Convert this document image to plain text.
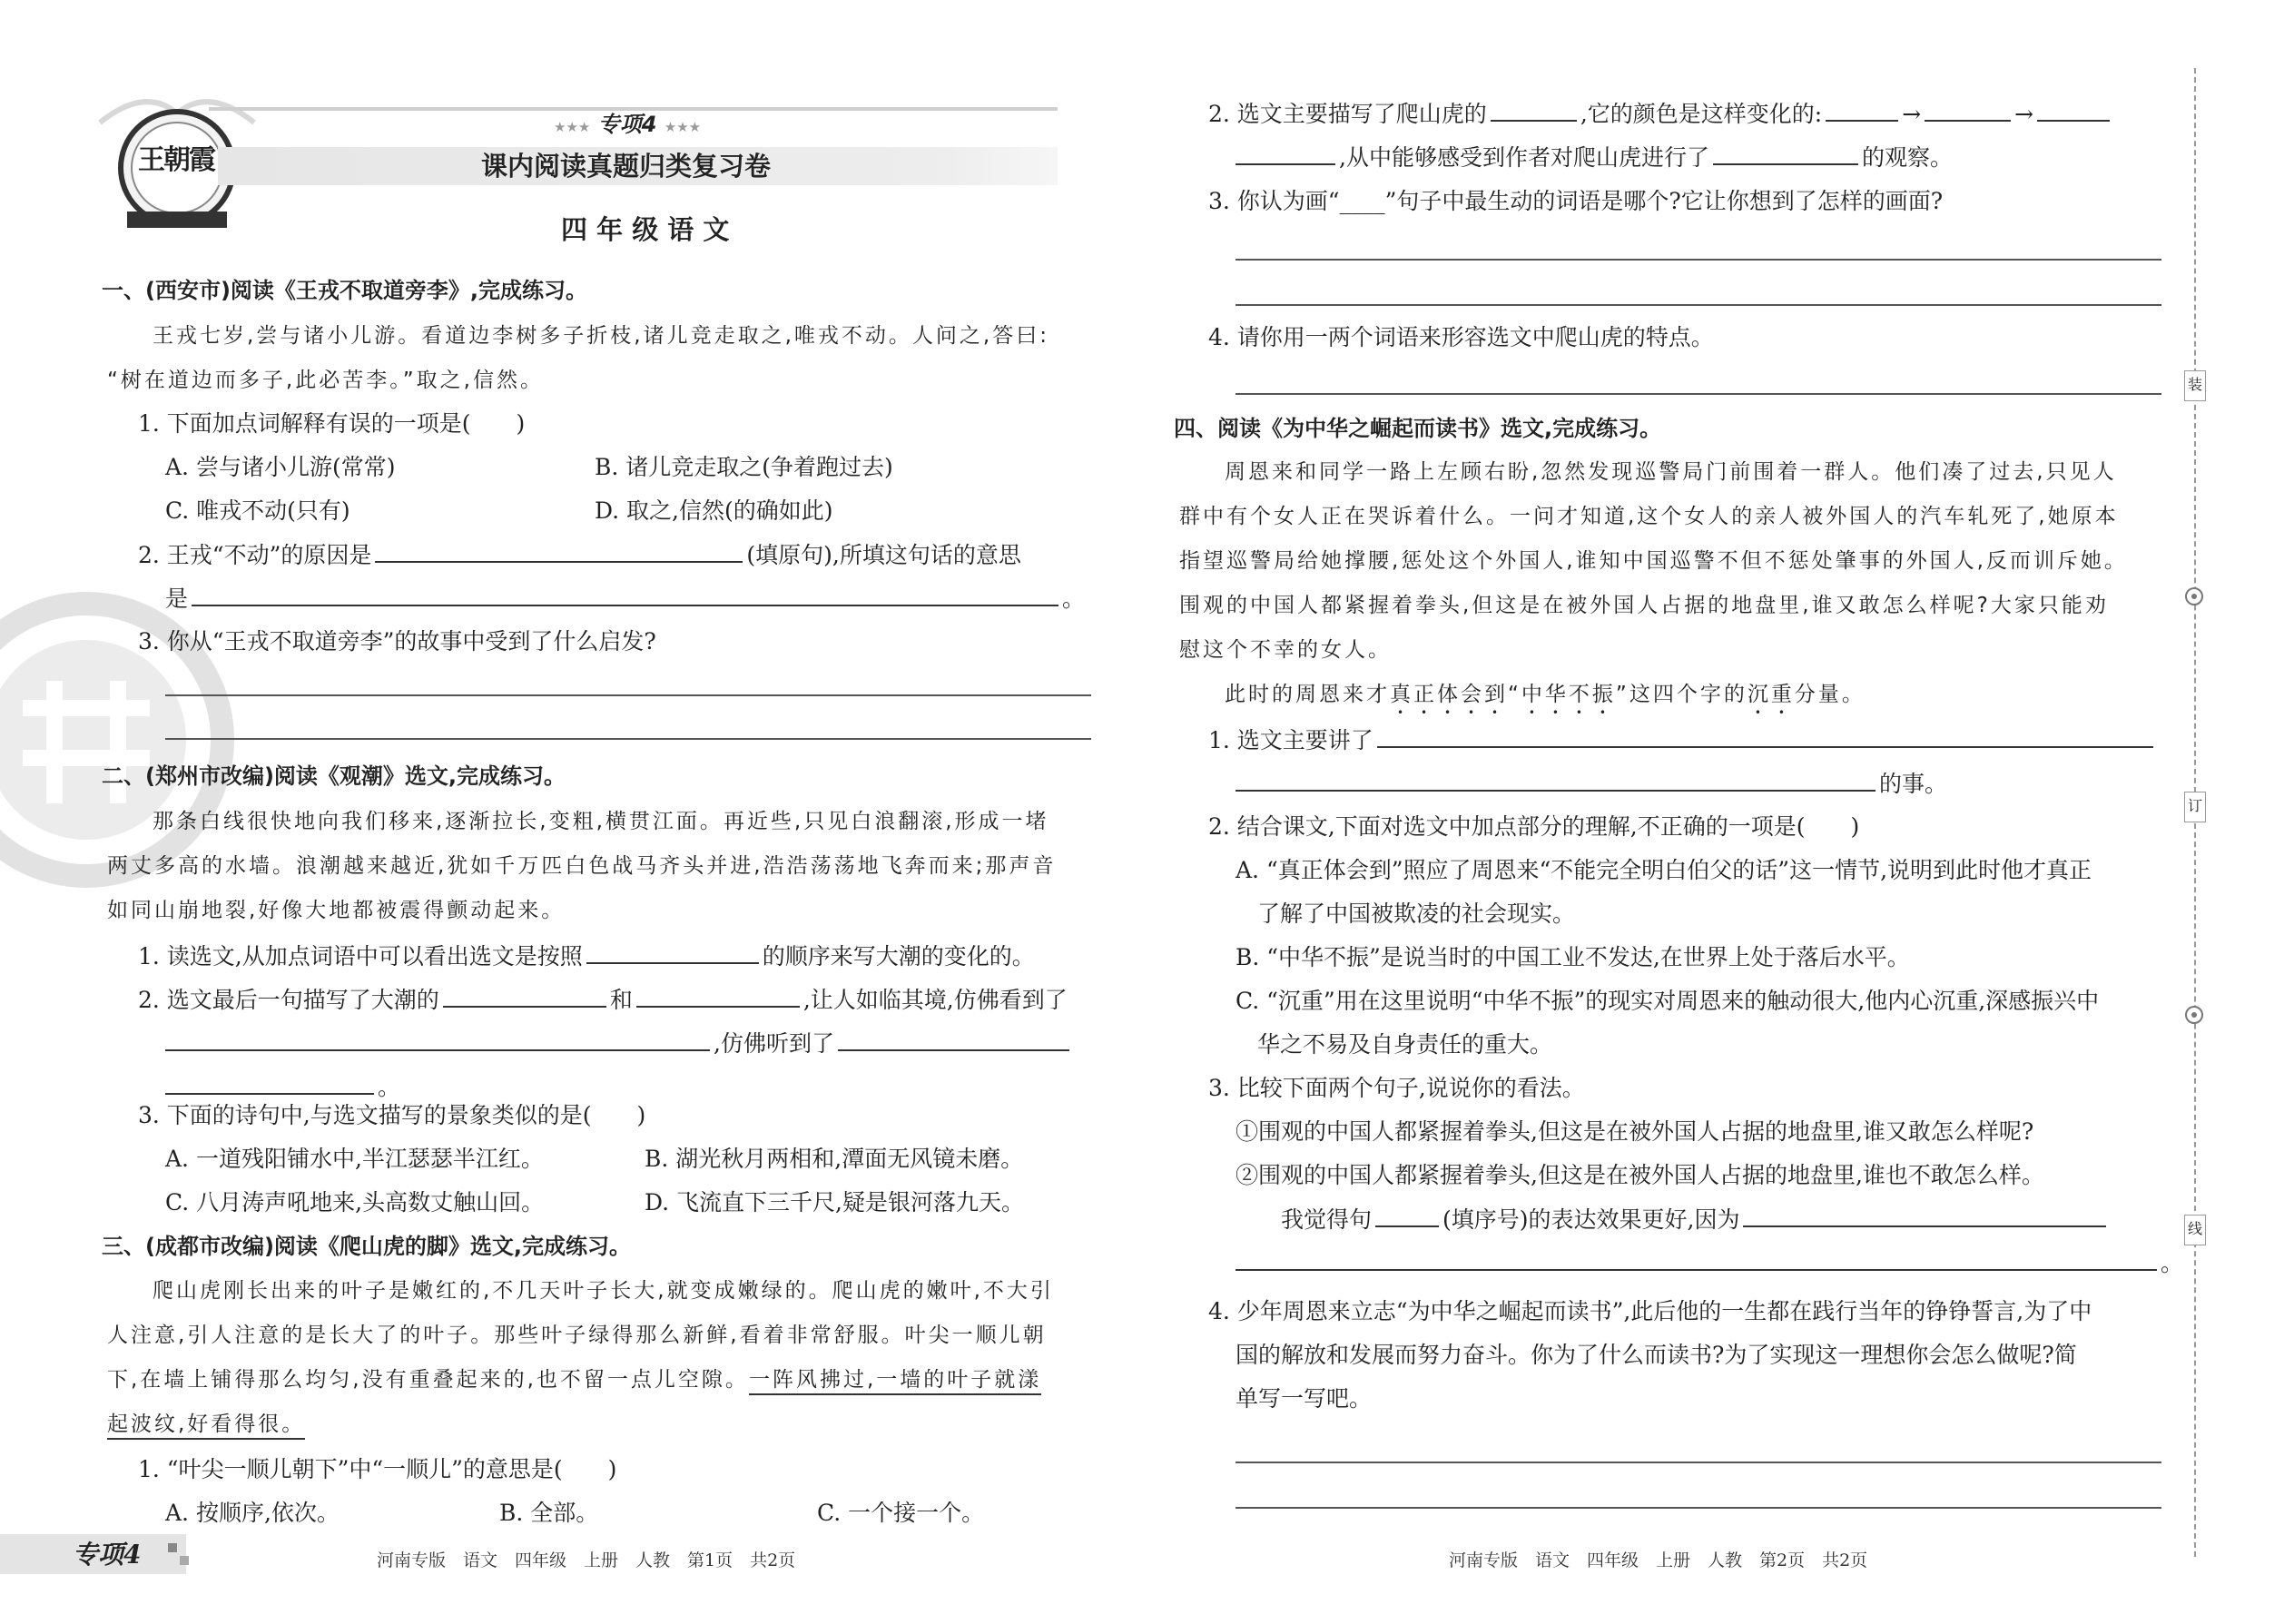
王朝霞
★★★ 专项4 ★★★
课内阅读真题归类复习卷
四 年 级 语 文
一、(西安市)阅读《王戎不取道旁李》,完成练习。
王戎七岁,尝与诸小儿游。看道边李树多子折枝,诸儿竞走取之,唯戎不动。人问之,答曰:
“树在道边而多子,此必苦李。”取之,信然。
1. 下面加点词解释有误的一项是(　　)
A. 尝与诸小儿游(常常)	B. 诸儿竞走取之(争着跑过去)
C. 唯戎不动(只有)	D. 取之,信然(的确如此)
2. 王戎“不动”的原因是	(填原句),所填这句话的意思
是	。
3. 你从“王戎不取道旁李”的故事中受到了什么启发?
二、(郑州市改编)阅读《观潮》选文,完成练习。
那条白线很快地向我们移来,逐渐拉长,变粗,横贯江面。再近些,只见白浪翻滚,形成一堵
两丈多高的水墙。浪潮越来越近,犹如千万匹白色战马齐头并进,浩浩荡荡地飞奔而来;那声音
如同山崩地裂,好像大地都被震得颤动起来。
1. 读选文,从加点词语中可以看出选文是按照	的顺序来写大潮的变化的。
2. 选文最后一句描写了大潮的	和	,让人如临其境,仿佛看到了
,仿佛听到了
。
3. 下面的诗句中,与选文描写的景象类似的是(　　)
A. 一道残阳铺水中,半江瑟瑟半江红。	B. 湖光秋月两相和,潭面无风镜未磨。
C. 八月涛声吼地来,头高数丈触山回。	D. 飞流直下三千尺,疑是银河落九天。
三、(成都市改编)阅读《爬山虎的脚》选文,完成练习。
爬山虎刚长出来的叶子是嫩红的,不几天叶子长大,就变成嫩绿的。爬山虎的嫩叶,不大引
人注意,引人注意的是长大了的叶子。那些叶子绿得那么新鲜,看着非常舒服。叶尖一顺儿朝
下,在墙上铺得那么均匀,没有重叠起来的,也不留一点儿空隙。一阵风拂过,一墙的叶子就漾
起波纹,好看得很。
1. “叶尖一顺儿朝下”中“一顺儿”的意思是(　　)
A. 按顺序,依次。	B. 全部。	C. 一个接一个。
专项4	河南专版　语文　四年级　上册　人教　第1页　共2页
2. 选文主要描写了爬山虎的	,它的颜色是这样变化的:	→	→
,从中能够感受到作者对爬山虎进行了	的观察。
3. 你认为画“____”句子中最生动的词语是哪个?它让你想到了怎样的画面?
4. 请你用一两个词语来形容选文中爬山虎的特点。
四、阅读《为中华之崛起而读书》选文,完成练习。
周恩来和同学一路上左顾右盼,忽然发现巡警局门前围着一群人。他们凑了过去,只见人
群中有个女人正在哭诉着什么。一问才知道,这个女人的亲人被外国人的汽车轧死了,她原本
指望巡警局给她撑腰,惩处这个外国人,谁知中国巡警不但不惩处肇事的外国人,反而训斥她。
围观的中国人都紧握着拳头,但这是在被外国人占据的地盘里,谁又敢怎么样呢?大家只能劝
慰这个不幸的女人。
此时的周恩来才真正体会到“中华不振”这四个字的沉重分量。
1. 选文主要讲了
的事。
2. 结合课文,下面对选文中加点部分的理解,不正确的一项是(　　)
A. “真正体会到”照应了周恩来“不能完全明白伯父的话”这一情节,说明到此时他才真正
了解了中国被欺凌的社会现实。
B. “中华不振”是说当时的中国工业不发达,在世界上处于落后水平。
C. “沉重”用在这里说明“中华不振”的现实对周恩来的触动很大,他内心沉重,深感振兴中
华之不易及自身责任的重大。
3. 比较下面两个句子,说说你的看法。
①围观的中国人都紧握着拳头,但这是在被外国人占据的地盘里,谁又敢怎么样呢?
②围观的中国人都紧握着拳头,但这是在被外国人占据的地盘里,谁也不敢怎么样。
我觉得句	(填序号)的表达效果更好,因为
。
4. 少年周恩来立志“为中华之崛起而读书”,此后他的一生都在践行当年的铮铮誓言,为了中
国的解放和发展而努力奋斗。你为了什么而读书?为了实现这一理想你会怎么做呢?简
单写一写吧。
装
订
线
河南专版　语文　四年级　上册　人教　第2页　共2页
